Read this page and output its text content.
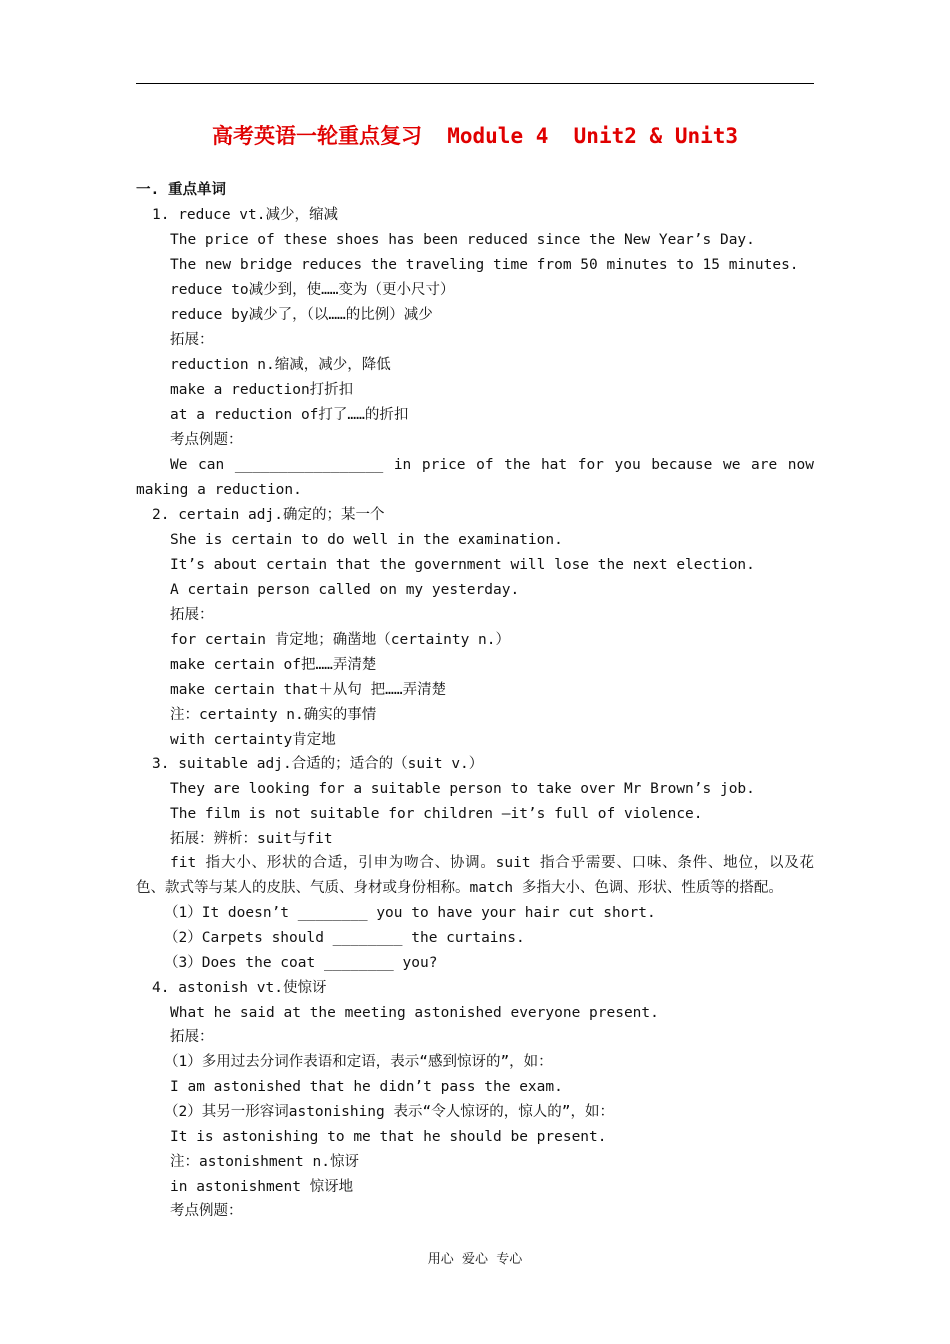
高考英语一轮重点复习  Module 4  Unit2 & Unit3
一. 重点单词
1. reduce vt.减少，缩减
The price of these shoes has been reduced since the New Year’s Day.
The new bridge reduces the traveling time from 50 minutes to 15 minutes.
reduce to减少到，使……变为（更小尺寸）
reduce by减少了，（以……的比例）减少
拓展：
reduction n.缩减，减少，降低
make a reduction打折扣
at a reduction of打了……的折扣
考点例题：
We can _________________ in price of the hat for you because we are now
making a reduction.
2. certain adj.确定的；某一个
She is certain to do well in the examination.
It’s about certain that the government will lose the next election.
A certain person called on my yesterday.
拓展：
for certain 肯定地；确凿地（certainty n.）
make certain of把……弄清楚
make certain that＋从句 把……弄清楚
注：certainty n.确实的事情
with certainty肯定地
3. suitable adj.合适的；适合的（suit v.）
They are looking for a suitable person to take over Mr Brown’s job.
The film is not suitable for children –it’s full of violence.
拓展：辨析：suit与fit
fit 指大小、形状的合适，引申为吻合、协调。suit 指合乎需要、口味、条件、地位，以及花
色、款式等与某人的皮肤、气质、身材或身份相称。match 多指大小、色调、形状、性质等的搭配。
（1）It doesn’t ________ you to have your hair cut short.
（2）Carpets should ________ the curtains.
（3）Does the coat ________ you?
4. astonish vt.使惊讶
What he said at the meeting astonished everyone present.
拓展：
（1）多用过去分词作表语和定语，表示“感到惊讶的”，如：
I am astonished that he didn’t pass the exam.
（2）其另一形容词astonishing 表示“令人惊讶的，惊人的”，如：
It is astonishing to me that he should be present.
注：astonishment n.惊讶
in astonishment 惊讶地
考点例题：
用心  爱心  专心
